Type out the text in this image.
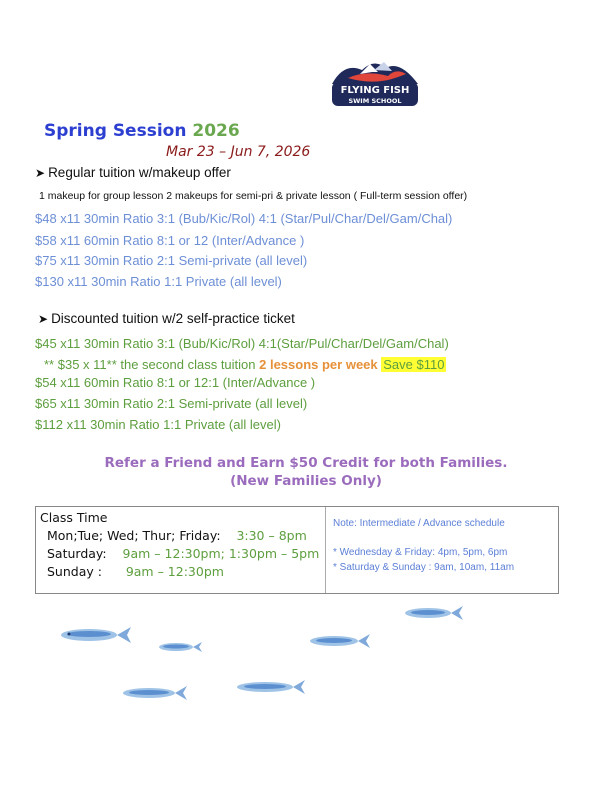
FLYING FISH
SWIM SCHOOL
Spring Session 2026
Mar 23 – Jun 7, 2026
➤ Regular tuition w/makeup offer
1 makeup for group lesson 2 makeups for semi-pri & private lesson ( Full-term session offer)
$48 x11 30min Ratio 3:1 (Bub/Kic/Rol) 4:1 (Star/Pul/Char/Del/Gam/Chal)
$58 x11 60min Ratio 8:1 or 12 (Inter/Advance )
$75 x11 30min Ratio 2:1 Semi-private (all level)
$130 x11 30min Ratio 1:1 Private (all level)
➤ Discounted tuition w/2 self-practice ticket
$45 x11 30min Ratio 3:1 (Bub/Kic/Rol) 4:1(Star/Pul/Char/Del/Gam/Chal)
** $35 x 11** the second class tuition 2 lessons per week Save $110
$54 x11 60min Ratio 8:1 or 12:1 (Inter/Advance )
$65 x11 30min Ratio 2:1 Semi-private (all level)
$112 x11 30min Ratio 1:1 Private (all level)
Refer a Friend and Earn $50 Credit for both Families.
(New Families Only)
Class Time
Mon;Tue; Wed; Thur; Friday: 3:30 – 8pm
Saturday: 9am – 12:30pm; 1:30pm – 5pm
Sunday : 9am – 12:30pm
Note: Intermediate / Advance schedule
* Wednesday & Friday: 4pm, 5pm, 6pm
* Saturday & Sunday : 9am, 10am, 11am
